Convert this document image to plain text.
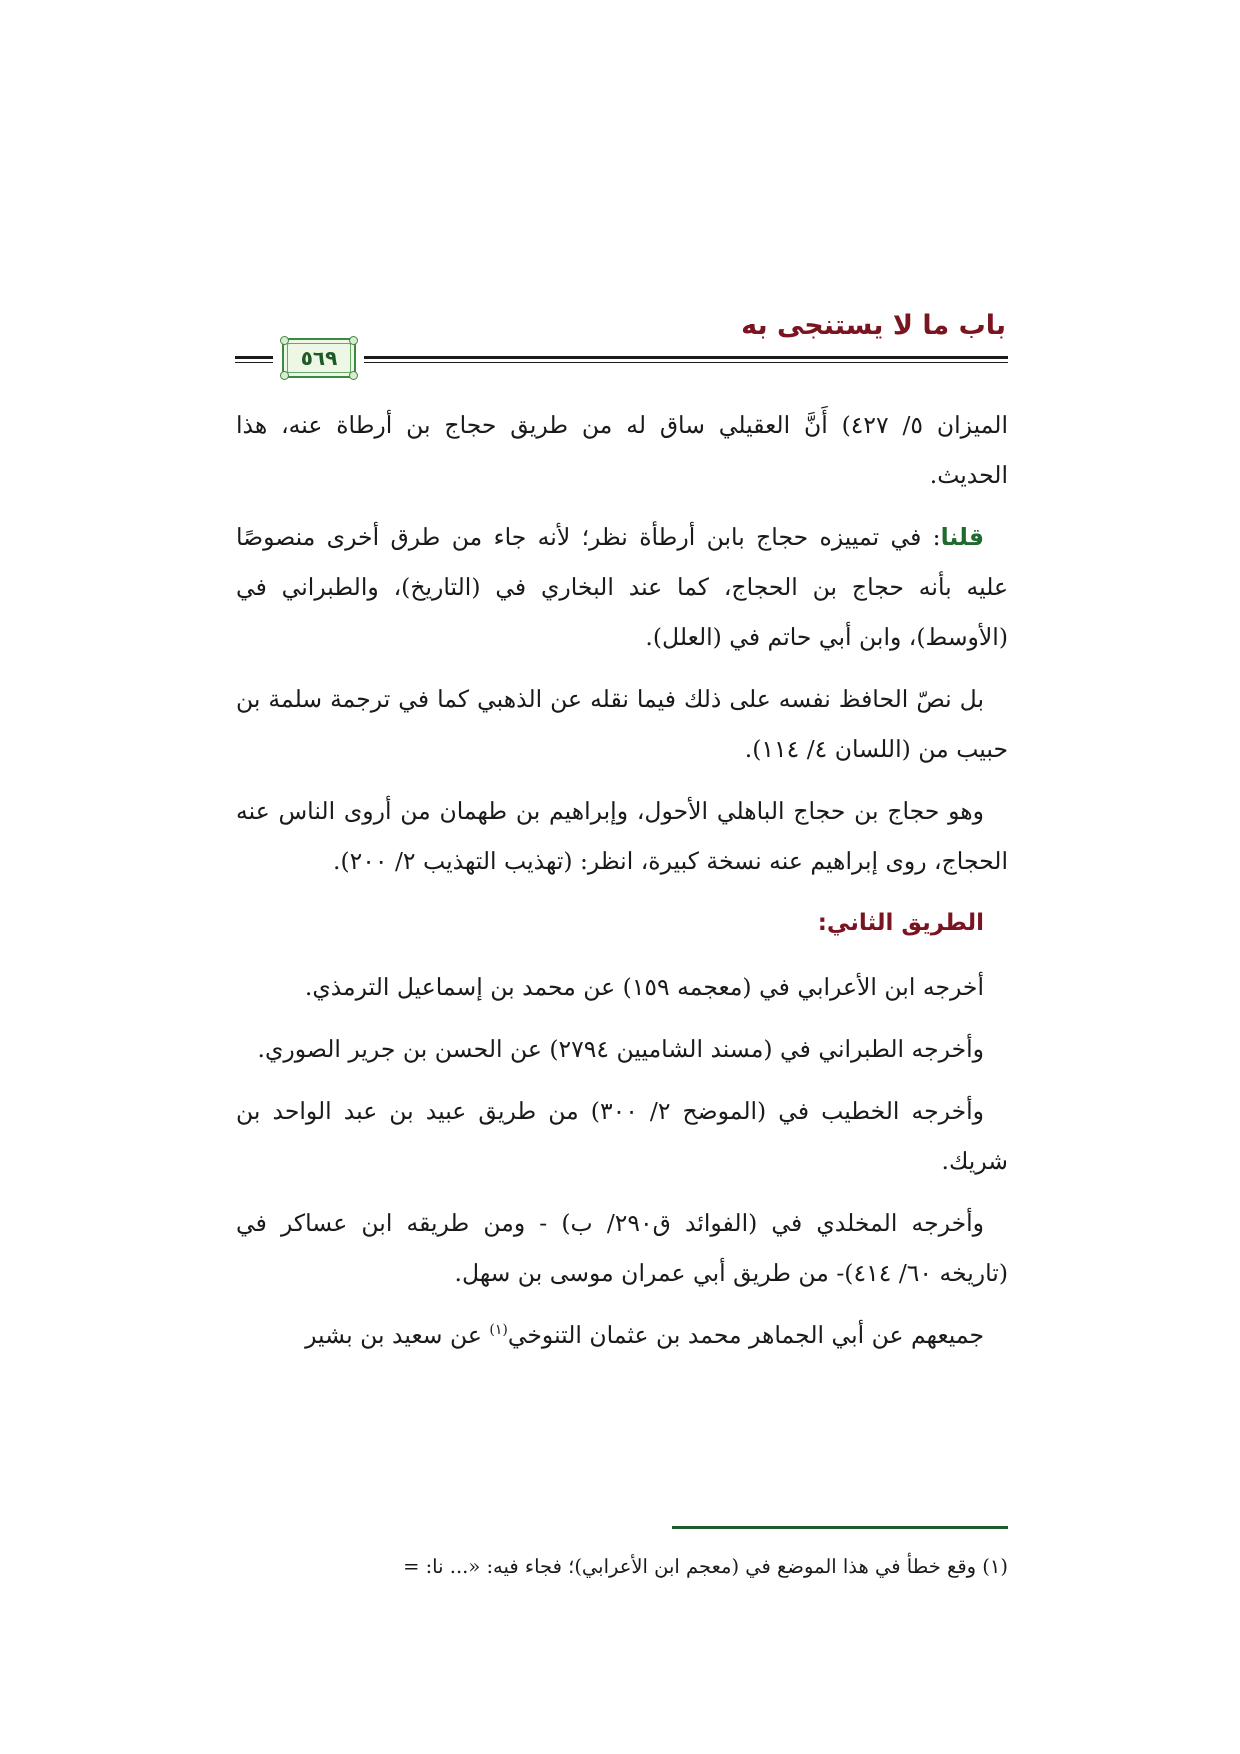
باب ما لا يستنجى به
٥٦٩

الميزان ٥/ ٤٢٧) أَنَّ العقيلي ساق له من طريق حجاج بن أرطاة عنه، هذا الحديث.

قلنا: في تمييزه حجاج بابن أرطأة نظر؛ لأنه جاء من طرق أخرى منصوصًا عليه بأنه حجاج بن الحجاج، كما عند البخاري في (التاريخ)، والطبراني في (الأوسط)، وابن أبي حاتم في (العلل).

بل نصّ الحافظ نفسه على ذلك فيما نقله عن الذهبي كما في ترجمة سلمة بن حبيب من (اللسان ٤/ ١١٤).

وهو حجاج بن حجاج الباهلي الأحول، وإبراهيم بن طهمان من أروى الناس عنه الحجاج، روى إبراهيم عنه نسخة كبيرة، انظر: (تهذيب التهذيب ٢/ ٢٠٠).

الطريق الثاني:

أخرجه ابن الأعرابي في (معجمه ١٥٩) عن محمد بن إسماعيل الترمذي.

وأخرجه الطبراني في (مسند الشاميين ٢٧٩٤) عن الحسن بن جرير الصوري.

وأخرجه الخطيب في (الموضح ٢/ ٣٠٠) من طريق عبيد بن عبد الواحد بن شريك.

وأخرجه المخلدي في (الفوائد ق٢٩٠/ ب) - ومن طريقه ابن عساكر في (تاريخه ٦٠/ ٤١٤)- من طريق أبي عمران موسى بن سهل.

جميعهم عن أبي الجماهر محمد بن عثمان التنوخي$^{(١)}$ عن سعيد بن بشير

(١) وقع خطأ في هذا الموضع في (معجم ابن الأعرابي)؛ فجاء فيه: «... نا: =
